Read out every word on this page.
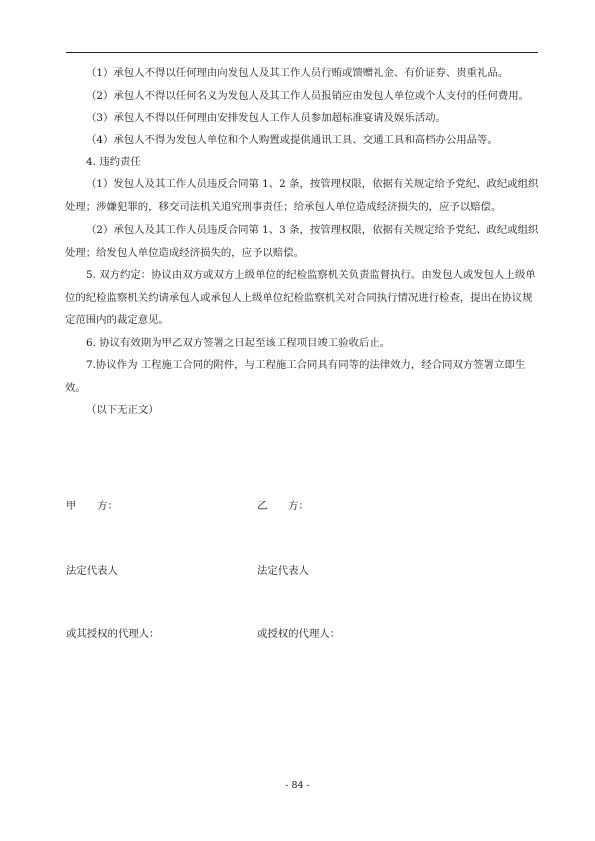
（1）承包人不得以任何理由向发包人及其工作人员行贿或馈赠礼金、有价证券、贵重礼品。

（2）承包人不得以任何名义为发包人及其工作人员报销应由发包人单位或个人支付的任何费用。

（3）承包人不得以任何理由安排发包人工作人员参加超标准宴请及娱乐活动。

（4）承包人不得为发包人单位和个人购置或提供通讯工具、交通工具和高档办公用品等。

4. 违约责任

（1）发包人及其工作人员违反合同第 1、2 条，按管理权限，依据有关规定给予党纪、政纪或组织处理；涉嫌犯罪的，移交司法机关追究刑事责任；给承包人单位造成经济损失的，应予以赔偿。

（2）承包人及其工作人员违反合同第 1、3 条，按管理权限，依据有关规定给予党纪、政纪或组织处理；给发包人单位造成经济损失的，应予以赔偿。

5. 双方约定：协议由双方或双方上级单位的纪检监察机关负责监督执行。由发包人或发包人上级单位的纪检监察机关约请承包人或承包人上级单位纪检监察机关对合同执行情况进行检查，提出在协议规定范围内的裁定意见。

6. 协议有效期为甲乙双方签署之日起至该工程项目竣工验收后止。

7.协议作为 工程施工合同的附件，与工程施工合同具有同等的法律效力，经合同双方签署立即生效。

（以下无正文）

甲　　方：	乙　　方：
法定代表人	法定代表人
或其授权的代理人：	或授权的代理人：
- 84 -
